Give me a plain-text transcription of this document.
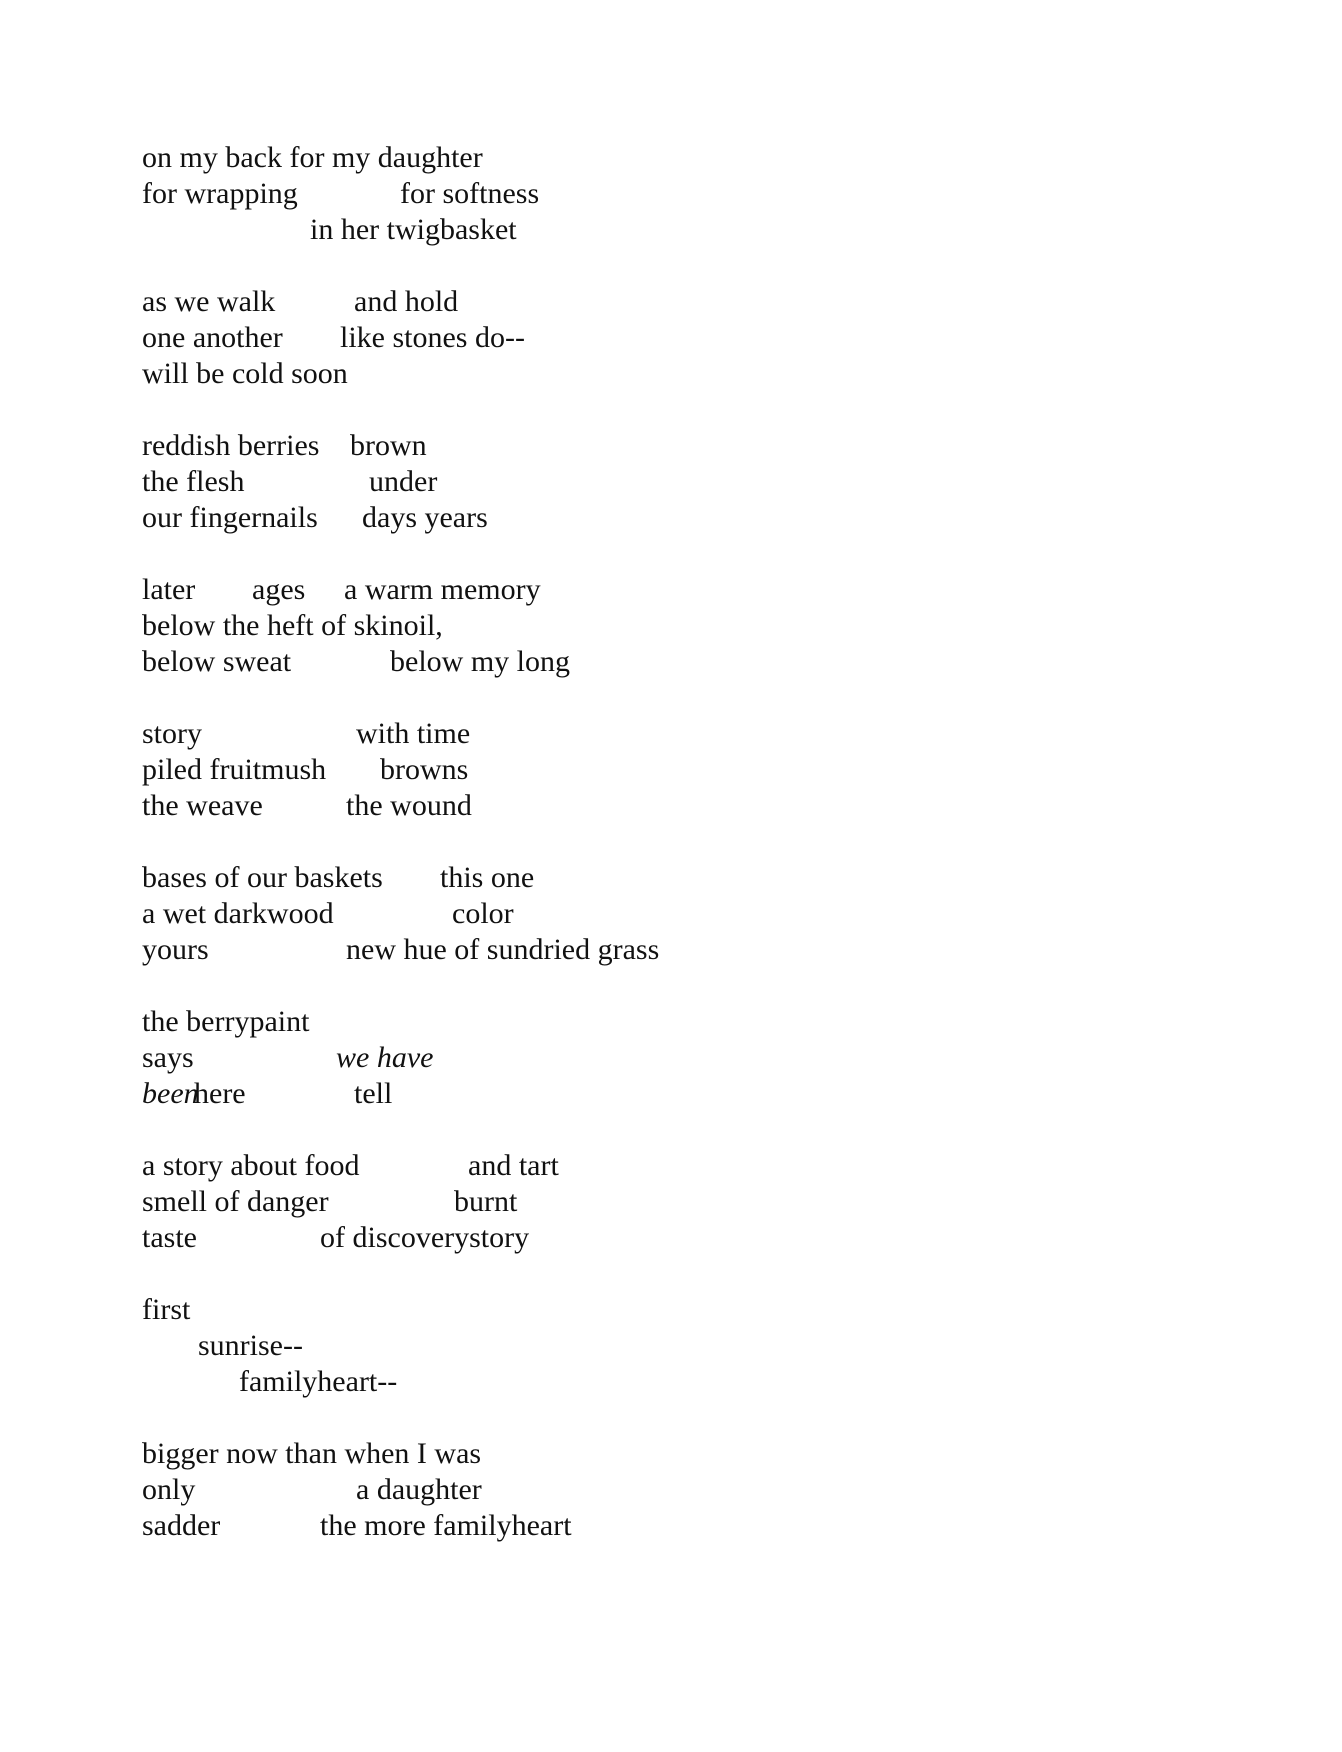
on my back for my daughter
for wrapping	for softness
in her twigbasket
as we walk	and hold
one another like stones do--
will be cold soon
reddish berries brown
the flesh	under
our fingernails days years
later ages a warm memory
below the heft of skinoil,
below sweat	below my long
story	with time
piled fruitmush browns
the weave	the wound
bases of our baskets this one
a wet darkwood	color
yours	new hue of sundried grass
the berrypaint
says	we have
been
here	tell
a story about food	and tart
smell of danger	burnt
taste	of discoverystory
first
sunrise--
familyheart--
bigger now than when I was
only	a daughter
sadder	the more familyheart
